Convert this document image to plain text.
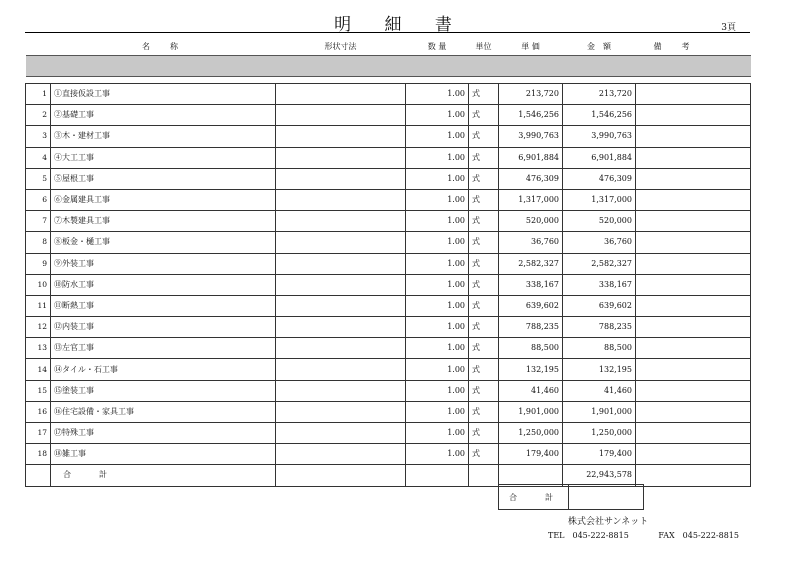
明 細 書	3頁
	名　称	形状寸法	数 量	単位	単 価	金　額	備　考

1	①直接仮設工事		1.00	式	213,720	213,720	
2	②基礎工事		1.00	式	1,546,256	1,546,256	
3	③木・建材工事		1.00	式	3,990,763	3,990,763	
4	④大工工事		1.00	式	6,901,884	6,901,884	
5	⑤屋根工事		1.00	式	476,309	476,309	
6	⑥金属建具工事		1.00	式	1,317,000	1,317,000	
7	⑦木製建具工事		1.00	式	520,000	520,000	
8	⑧板金・樋工事		1.00	式	36,760	36,760	
9	⑨外装工事		1.00	式	2,582,327	2,582,327	
10	⑩防水工事		1.00	式	338,167	338,167	
11	⑪断熱工事		1.00	式	639,602	639,602	
12	⑫内装工事		1.00	式	788,235	788,235	
13	⑬左官工事		1.00	式	88,500	88,500	
14	⑭タイル・石工事		1.00	式	132,195	132,195	
15	⑮塗装工事		1.00	式	41,460	41,460	
16	⑯住宅設備・家具工事		1.00	式	1,901,000	1,901,000	
17	⑰特殊工事		1.00	式	1,250,000	1,250,000	
18	⑱雑工事		1.00	式	179,400	179,400	
	合　計					22,943,578	
合　計	
株式会社サンネット
TEL　045-222-8815	FAX　045-222-8815
